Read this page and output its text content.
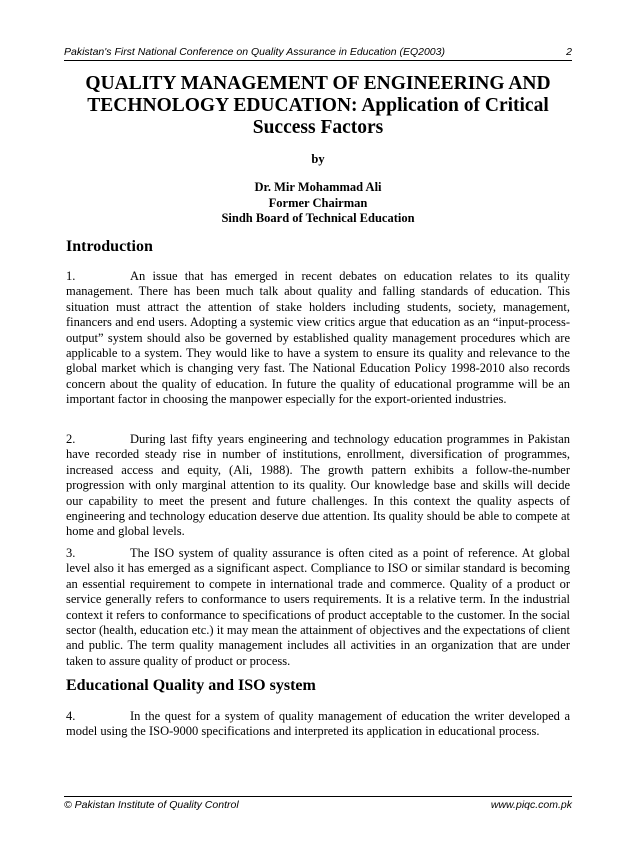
Pakistan's First National Conference on Quality Assurance in Education (EQ2003)	2
QUALITY MANAGEMENT OF ENGINEERING AND
TECHNOLOGY EDUCATION: Application of Critical
Success Factors
by
Dr. Mir Mohammad Ali
Former Chairman
Sindh Board of Technical Education
Introduction

1.	An issue that has emerged in recent debates on education relates to its quality management. There has been much talk about quality and falling standards of education. This situation must attract the attention of stake holders including students, society, management, financers and end users. Adopting a systemic view critics argue that education as an “input-process-output” system should also be governed by established quality management procedures which are applicable to a system. They would like to have a system to ensure its quality and relevance to the global market which is changing very fast. The National Education Policy 1998-2010 also records concern about the quality of education. In future the quality of educational programme will be an important factor in choosing the manpower especially for the export-oriented industries.

2.	During last fifty years engineering and technology education programmes in Pakistan have recorded steady rise in number of institutions, enrollment, diversification of programmes, increased access and equity, (Ali, 1988). The growth pattern exhibits a follow-the-number progression with only marginal attention to its quality. Our knowledge base and skills will decide our capability to meet the present and future challenges. In this context the quality aspects of engineering and technology education deserve due attention. Its quality should be able to compete at home and global levels.

3.	The ISO system of quality assurance is often cited as a point of reference. At global level also it has emerged as a significant aspect. Compliance to ISO or similar standard is becoming an essential requirement to compete in international trade and commerce. Quality of a product or service generally refers to conformance to users requirements. It is a relative term. In the industrial context it refers to conformance to specifications of product acceptable to the customer. In the social sector (health, education etc.) it may mean the attainment of objectives and the expectations of client and public. The term quality management includes all activities in an organization that are under taken to assure quality of product or process.

Educational Quality and ISO system

4.	In the quest for a system of quality management of education the writer developed a model using the ISO-9000 specifications and interpreted its application in educational process.

© Pakistan Institute of Quality Control	www.piqc.com.pk
